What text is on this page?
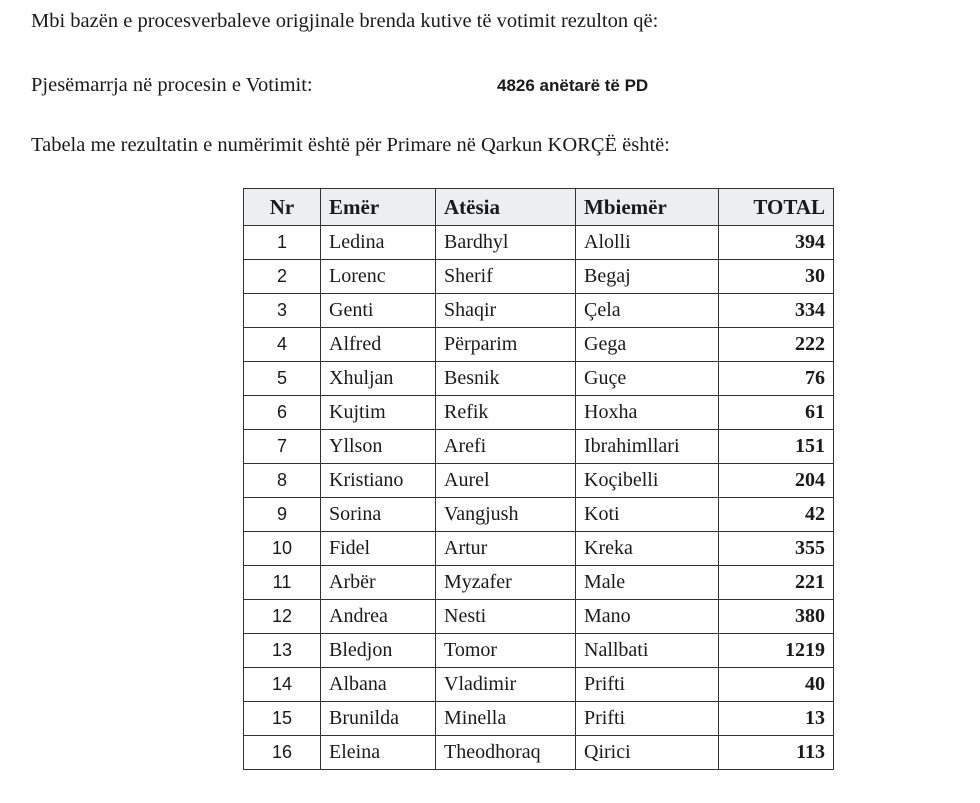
Mbi bazën e procesverbaleve origjinale brenda kutive të votimit rezulton që:
Pjesëmarrja në procesin e Votimit:	4826 anëtarë të PD
Tabela me rezultatin e numërimit është për Primare në Qarkun KORÇË është:
Nr	Emër	Atësia	Mbiemër	TOTAL
1	Ledina	Bardhyl	Alolli	394
2	Lorenc	Sherif	Begaj	30
3	Genti	Shaqir	Çela	334
4	Alfred	Përparim	Gega	222
5	Xhuljan	Besnik	Guçe	76
6	Kujtim	Refik	Hoxha	61
7	Yllson	Arefi	Ibrahimllari	151
8	Kristiano	Aurel	Koçibelli	204
9	Sorina	Vangjush	Koti	42
10	Fidel	Artur	Kreka	355
11	Arbër	Myzafer	Male	221
12	Andrea	Nesti	Mano	380
13	Bledjon	Tomor	Nallbati	1219
14	Albana	Vladimir	Prifti	40
15	Brunilda	Minella	Prifti	13
16	Eleina	Theodhoraq	Qirici	113
